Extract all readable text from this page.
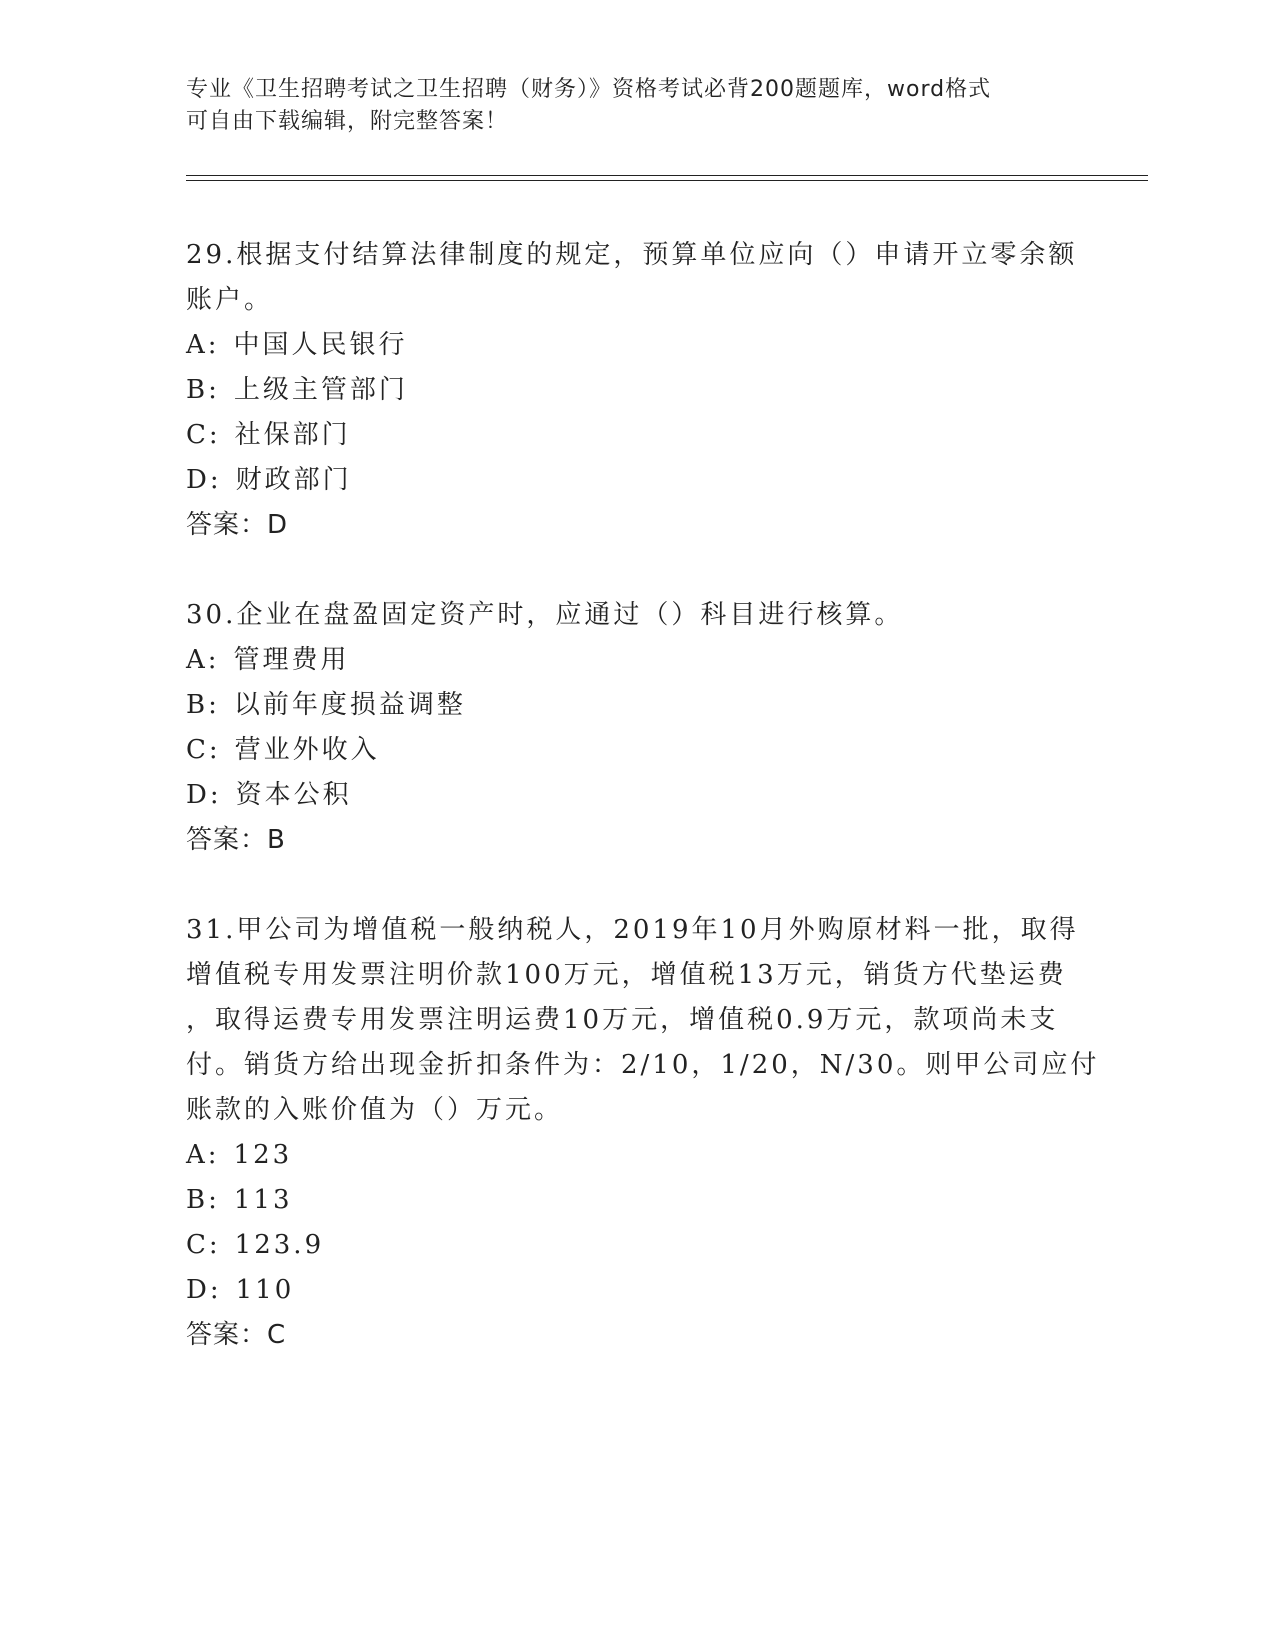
专业《卫生招聘考试之卫生招聘（财务）》资格考试必背200题题库，word格式
可自由下载编辑，附完整答案！
29.根据支付结算法律制度的规定，预算单位应向（）申请开立零余额
账户。
A: 中国人民银行
B: 上级主管部门
C: 社保部门
D: 财政部门
答案：D
30.企业在盘盈固定资产时，应通过（）科目进行核算。
A: 管理费用
B: 以前年度损益调整
C: 营业外收入
D: 资本公积
答案：B
31.甲公司为增值税一般纳税人，2019年10月外购原材料一批，取得
增值税专用发票注明价款100万元，增值税13万元，销货方代垫运费
，取得运费专用发票注明运费10万元，增值税0.9万元，款项尚未支
付。销货方给出现金折扣条件为：2/10，1/20，N/30。则甲公司应付
账款的入账价值为（）万元。
A: 123
B: 113
C: 123.9
D: 110
答案：C
